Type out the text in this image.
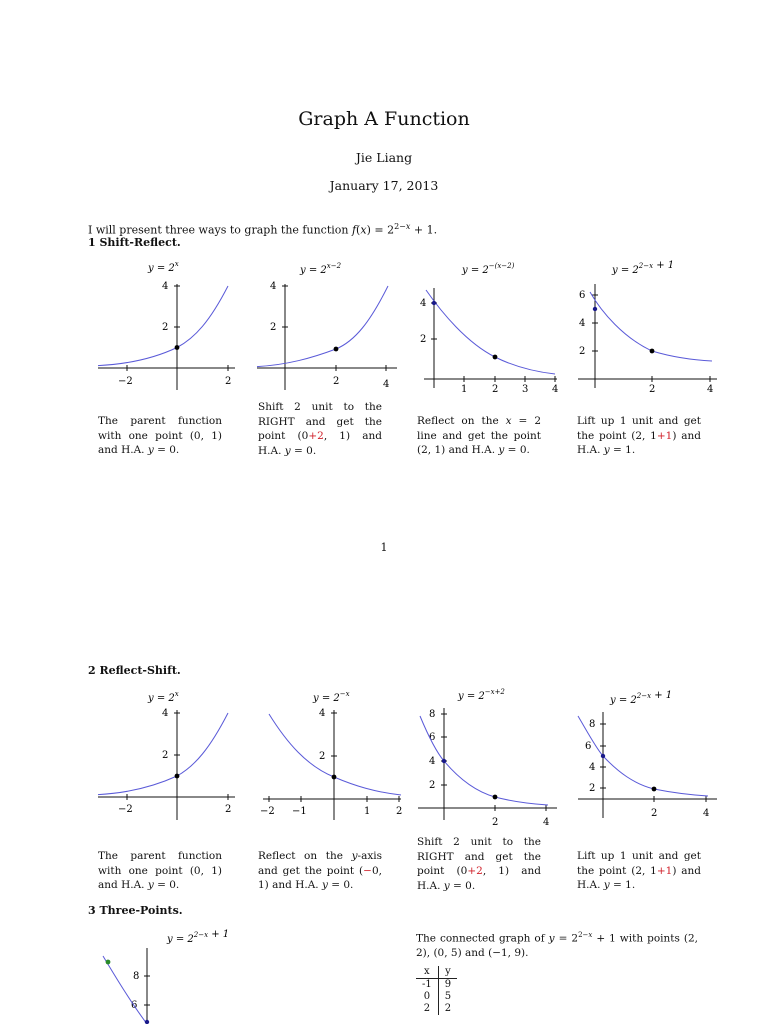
Graph A Function
Jie Liang
January 17, 2013
I will present three ways to graph the function $f(x) = 2^{2-x} + 1$.
1 Shift-Reflect.
$y = 2^x$
2
4
−2	2
The parent function with one point (0, 1) and H.A. y = 0.
$y = 2^{x-2}$
2
4
2	4
Shift 2 unit to the RIGHT and get the point (0+2, 1) and H.A. y = 0.
$y = 2^{-(x-2)}$
2
4
1 2 3 4
Reflect on the x = 2 line and get the point (2, 1) and H.A. y = 0.
$y = 2^{2-x} + 1$
2
4
6
2	4
Lift up 1 unit and get the point (2, 1+1) and H.A. y = 1.
1
2 Reflect-Shift.
$y = 2^x$
2
4
−2	2
The parent function with one point (0, 1) and H.A. y = 0.
$y = 2^{-x}$
2
4
−2 −1	1	2
Reflect on the y-axis and get the point (−0, 1) and H.A. y = 0.
$y = 2^{-x+2}$
2
4
6
8
2	4
Shift 2 unit to the RIGHT and get the point (0+2, 1) and H.A. y = 0.
$y = 2^{2-x} + 1$
2
4
6
8
2	4
Lift up 1 unit and get the point (2, 1+1) and H.A. y = 1.
3 Three-Points.
$y = 2^{2-x} + 1$
8
6
The connected graph of $y = 2^{2-x} + 1$ with points (2, 2), (0, 5) and (−1, 9).
x	y
-1	9
0	5
2	2
